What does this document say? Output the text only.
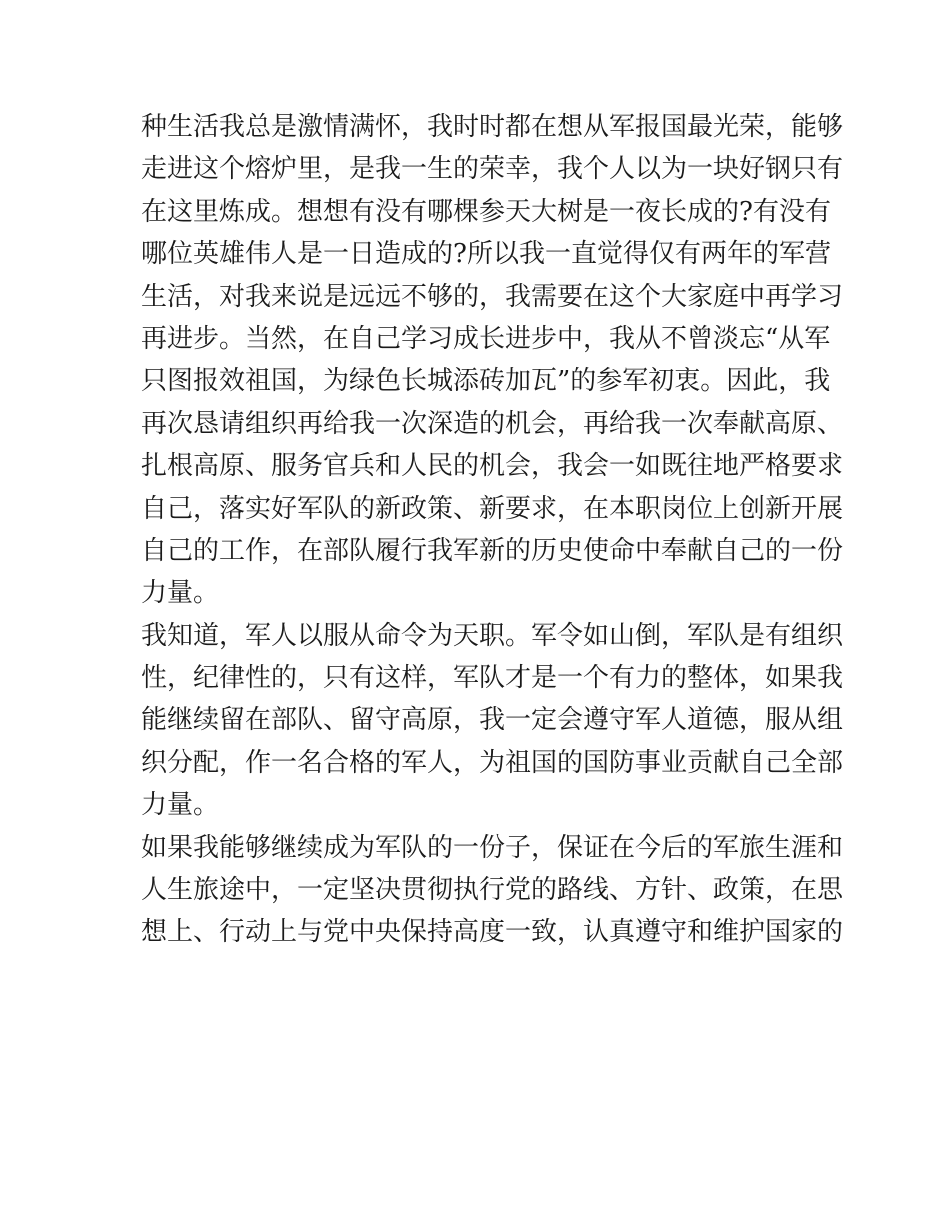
种生活我总是激情满怀，我时时都在想从军报国最光荣，能够
走进这个熔炉里，是我一生的荣幸，我个人以为一块好钢只有
在这里炼成。想想有没有哪棵参天大树是一夜长成的?有没有
哪位英雄伟人是一日造成的?所以我一直觉得仅有两年的军营
生活，对我来说是远远不够的，我需要在这个大家庭中再学习
再进步。当然，在自己学习成长进步中，我从不曾淡忘“从军
只图报效祖国，为绿色长城添砖加瓦”的参军初衷。因此，我
再次恳请组织再给我一次深造的机会，再给我一次奉献高原、
扎根高原、服务官兵和人民的机会，我会一如既往地严格要求
自己，落实好军队的新政策、新要求，在本职岗位上创新开展
自己的工作，在部队履行我军新的历史使命中奉献自己的一份
力量。
我知道，军人以服从命令为天职。军令如山倒，军队是有组织
性，纪律性的，只有这样，军队才是一个有力的整体，如果我
能继续留在部队、留守高原，我一定会遵守军人道德，服从组
织分配，作一名合格的军人，为祖国的国防事业贡献自己全部
力量。
如果我能够继续成为军队的一份子，保证在今后的军旅生涯和
人生旅途中，一定坚决贯彻执行党的路线、方针、政策，在思
想上、行动上与党中央保持高度一致，认真遵守和维护国家的
